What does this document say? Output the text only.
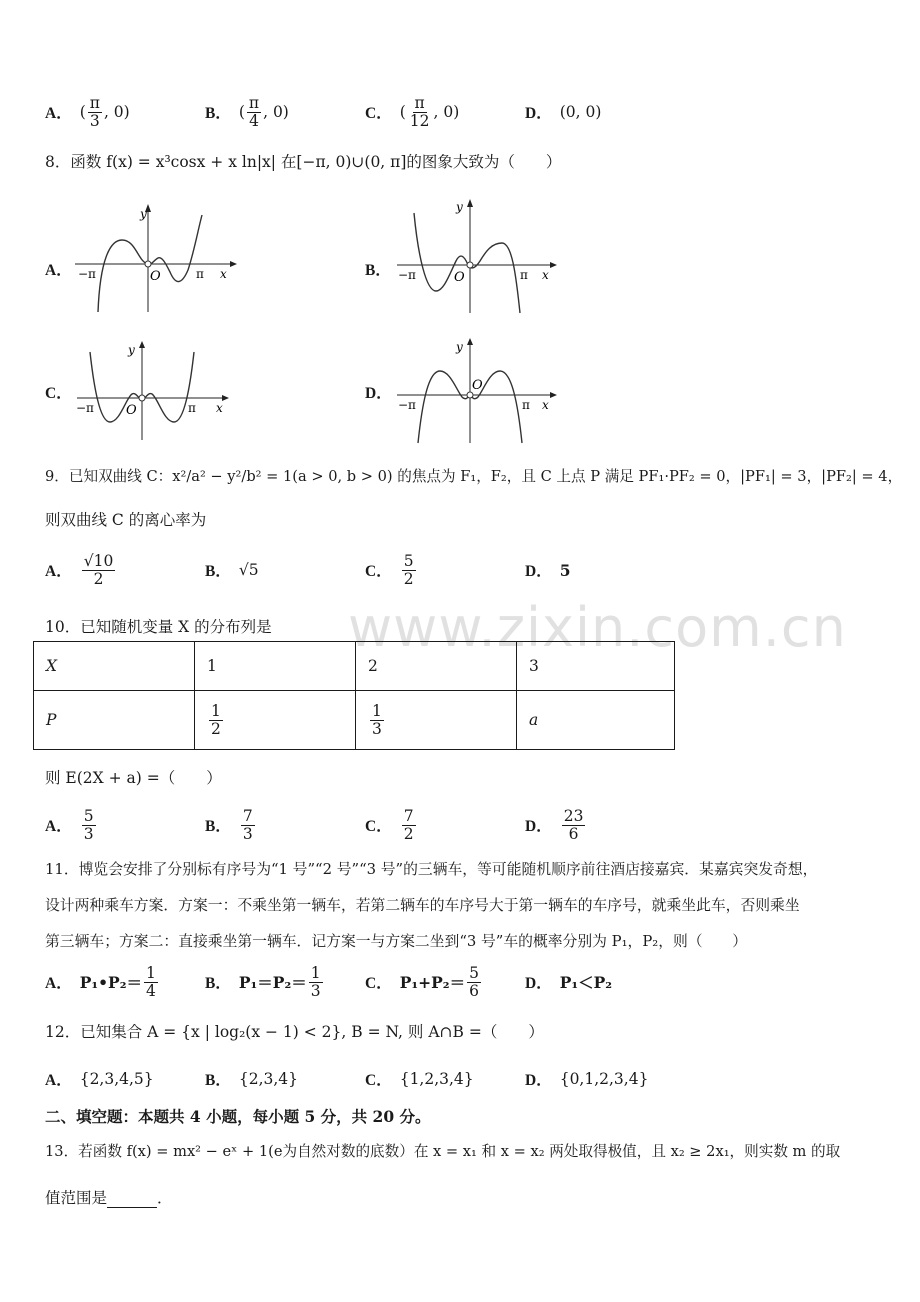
A． ( $\frac{\pi}{3}$ , 0)	B． ( $\frac{\pi}{4}$ , 0)	C． ( $\frac{\pi}{12}$ , 0)	D． (0, 0)
8．函数 f(x) = x³cosx + x ln|x| 在[−π, 0)∪(0, π]的图象大致为（　　）
A．
y
x
O
−π	π	B．
y
x
O
−π	π
C．
y
x
O
−π	π
D．
y
x
O
−π	π
9．已知双曲线 C：x²/a² − y²/b² = 1(a > 0, b > 0) 的焦点为 F₁，F₂，且 C 上点 P 满足 PF₁·PF₂ = 0，|PF₁| = 3，|PF₂| = 4，
则双曲线 C 的离心率为
A． $\frac{√10}{2}$	B． √5	C． $\frac{5}{2}$	D． 5
10．已知随机变量 X 的分布列是 www.zixin.com.cn
X	1	2	3
P	$\frac{1}{2}$	$\frac{1}{3}$	a
则 E(2X + a) =（　　）
A． $\frac{5}{3}$	B． $\frac{7}{3}$	C． $\frac{7}{2}$	D． $\frac{23}{6}$
11．博览会安排了分别标有序号为“1 号”“2 号”“3 号”的三辆车，等可能随机顺序前往酒店接嘉宾．某嘉宾突发奇想，
设计两种乘车方案．方案一：不乘坐第一辆车，若第二辆车的车序号大于第一辆车的车序号，就乘坐此车，否则乘坐
第三辆车；方案二：直接乘坐第一辆车．记方案一与方案二坐到“3 号”车的概率分别为 P₁，P₂，则（　　）
A． P₁•P₂＝ $\frac{1}{4}$	B． $P_1=P_2= \frac{1}{3}$	C． $P_1+P_2= \frac{5}{6}$	D． P₁＜P₂
12．已知集合 A = {x | log₂(x − 1) < 2}, B = N, 则 A∩B =（　　）
A． {2,3,4,5}	B． {2,3,4}	C． {1,2,3,4}	D． {0,1,2,3,4}
二、填空题：本题共 4 小题，每小题 5 分，共 20 分。
13．若函数 f(x) = mx² − eˣ + 1(e为自然对数的底数）在 x = x₁ 和 x = x₂ 两处取得极值，且 x₂ ≥ 2x₁，则实数 m 的取
值范围是	．
